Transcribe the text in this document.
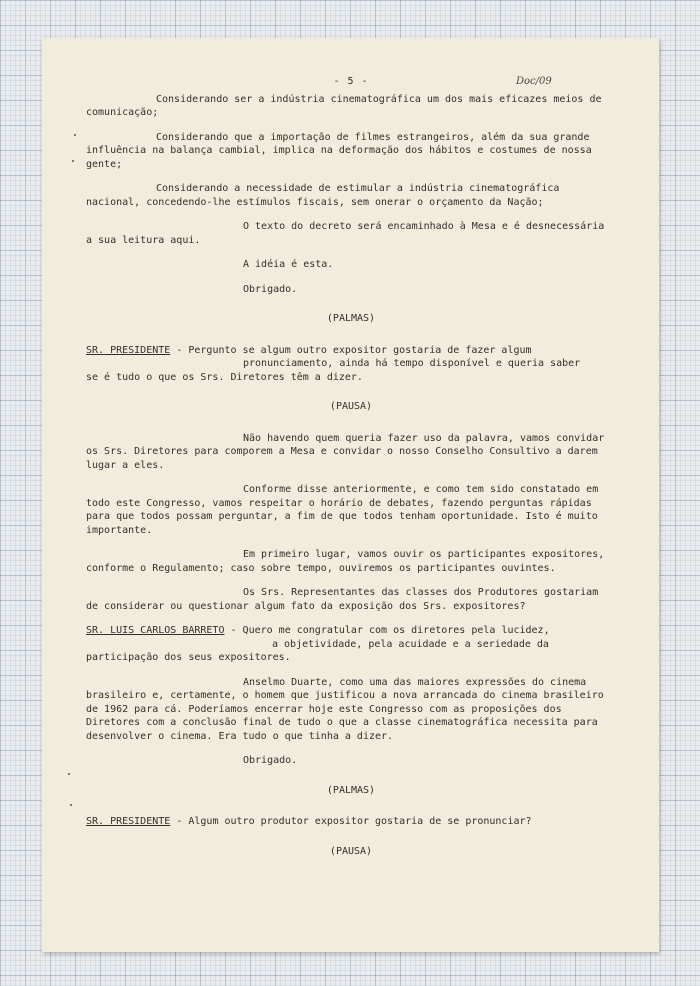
- 5 -	Doc/09

Considerando ser a indústria cinematográfica um dos mais eficazes meios de comunicação;

Considerando que a importação de filmes estrangeiros, além da sua grande influência na balança cambial, implica na deformação dos hábitos e costumes de nossa gente;

Considerando a necessidade de estimular a indústria cinematográfica nacional, concedendo-lhe estímulos fiscais, sem onerar o orçamento da Nação;

O texto do decreto será encaminhado à Mesa e é desnecessária a sua leitura aqui.

A idéia é esta.

Obrigado.

(PALMAS)

SR. PRESIDENTE - Pergunto se algum outro expositor gostaria de fazer algum
pronunciamento, ainda há tempo disponível e queria saber
se é tudo o que os Srs. Diretores têm a dizer.

(PAUSA)

Não havendo quem queria fazer uso da palavra, vamos convidar os Srs. Diretores para comporem a Mesa e convidar o nosso Conselho Consultivo a darem lugar a eles.

Conforme disse anteriormente, e como tem sido constatado em todo este Congresso, vamos respeitar o horário de debates, fazendo perguntas rápidas para que todos possam perguntar, a fim de que todos tenham oportunidade. Isto é muito importante.

Em primeiro lugar, vamos ouvir os participantes expositores, conforme o Regulamento; caso sobre tempo, ouviremos os participantes ouvintes.

Os Srs. Representantes das classes dos Produtores gostariam de considerar ou questionar algum fato da exposição dos Srs. expositores?

SR. LUIS CARLOS BARRETO - Quero me congratular com os diretores pela lucidez,
a objetividade, pela acuidade e a seriedade da participação dos seus expositores.

Anselmo Duarte, como uma das maiores expressões do cinema brasileiro e, certamente, o homem que justificou a nova arrancada do cinema brasileiro de 1962 para cá. Poderíamos encerrar hoje este Congresso com as proposições dos Diretores com a conclusão final de tudo o que a classe cinematográfica necessita para desenvolver o cinema. Era tudo o que tinha a dizer.

Obrigado.

(PALMAS)

SR. PRESIDENTE - Algum outro produtor expositor gostaria de se pronunciar?

(PAUSA)
